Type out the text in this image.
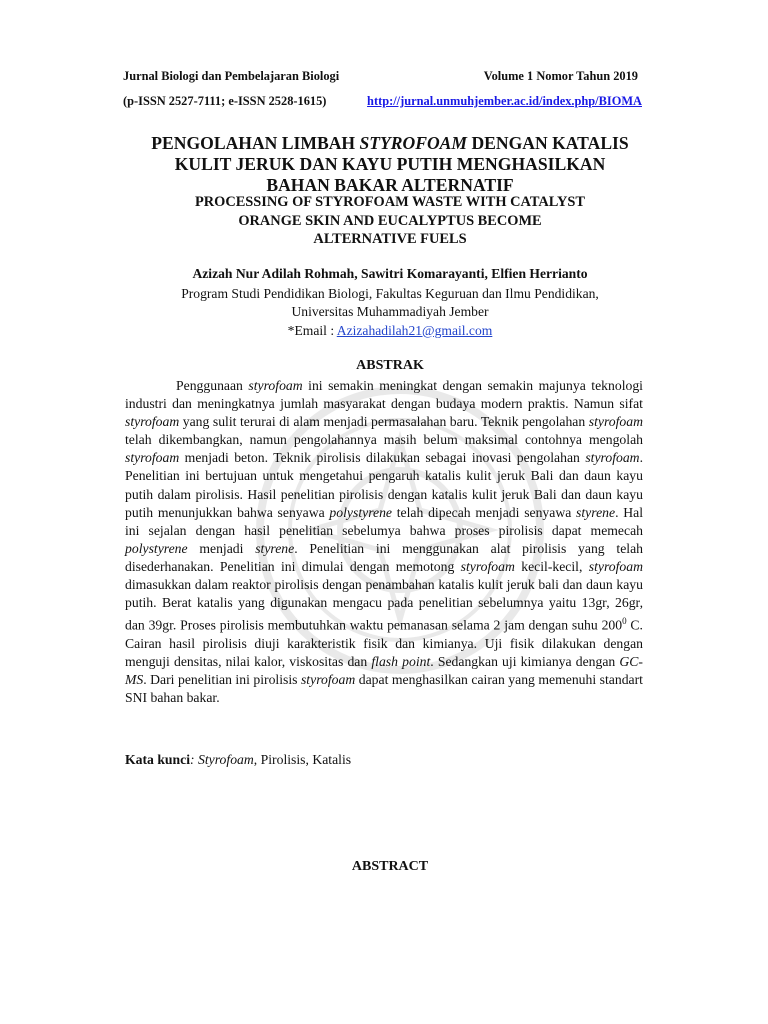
Jurnal Biologi dan Pembelajaran Biologi	Volume 1 Nomor Tahun 2019
(p-ISSN 2527-7111; e-ISSN 2528-1615)	http://jurnal.unmuhjember.ac.id/index.php/BIOMA
PENGOLAHAN LIMBAH STYROFOAM DENGAN KATALIS
KULIT JERUK DAN KAYU PUTIH MENGHASILKAN
BAHAN BAKAR ALTERNATIF
PROCESSING OF STYROFOAM WASTE WITH CATALYST
ORANGE SKIN AND EUCALYPTUS BECOME
ALTERNATIVE FUELS
Azizah Nur Adilah Rohmah, Sawitri Komarayanti, Elfien Herrianto
Program Studi Pendidikan Biologi, Fakultas Keguruan dan Ilmu Pendidikan,
Universitas Muhammadiyah Jember
*Email : Azizahadilah21@gmail.com
ABSTRAK

Penggunaan styrofoam ini semakin meningkat dengan semakin majunya teknologi industri dan meningkatnya jumlah masyarakat dengan budaya modern praktis. Namun sifat styrofoam yang sulit terurai di alam menjadi permasalahan baru. Teknik pengolahan styrofoam telah dikembangkan, namun pengolahannya masih belum maksimal contohnya mengolah styrofoam menjadi beton. Teknik pirolisis dilakukan sebagai inovasi pengolahan styrofoam. Penelitian ini bertujuan untuk mengetahui pengaruh katalis kulit jeruk Bali dan daun kayu putih dalam pirolisis. Hasil penelitian pirolisis dengan katalis kulit jeruk Bali dan daun kayu putih menunjukkan bahwa senyawa polystyrene telah dipecah menjadi senyawa styrene. Hal ini sejalan dengan hasil penelitian sebelumya bahwa proses pirolisis dapat memecah polystyrene menjadi styrene. Penelitian ini menggunakan alat pirolisis yang telah disederhanakan. Penelitian ini dimulai dengan memotong styrofoam kecil-kecil, styrofoam dimasukkan dalam reaktor pirolisis dengan penambahan katalis kulit jeruk bali dan daun kayu putih. Berat katalis yang digunakan mengacu pada penelitian sebelumnya yaitu 13gr, 26gr, dan 39gr. Proses pirolisis membutuhkan waktu pemanasan selama 2 jam dengan suhu $200^0$ C. Cairan hasil pirolisis diuji karakteristik fisik dan kimianya. Uji fisik dilakukan dengan menguji densitas, nilai kalor, viskositas dan flash point. Sedangkan uji kimianya dengan GC-MS. Dari penelitian ini pirolisis styrofoam dapat menghasilkan cairan yang memenuhi standart SNI bahan bakar.

Kata kunci: Styrofoam, Pirolisis, Katalis
ABSTRACT
